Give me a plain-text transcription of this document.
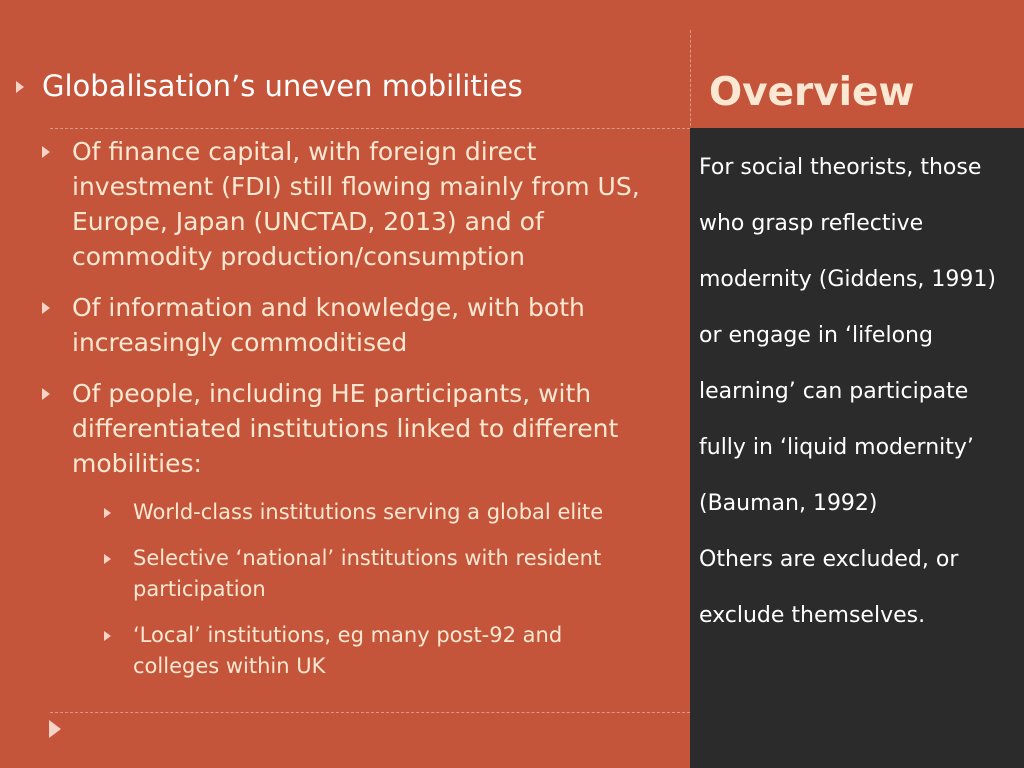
Globalisation’s uneven mobilities	Overview
Of finance capital, with foreign direct investment (FDI) still flowing mainly from US, Europe, Japan (UNCTAD, 2013) and of commodity production/consumption
Of information and knowledge, with both increasingly commoditised
Of people, including HE participants, with differentiated institutions linked to different mobilities:
World-class institutions serving a global elite
Selective ‘national’ institutions with resident participation
‘Local’ institutions, eg many post-92 and colleges within UK

For social theorists, those who grasp reflective modernity (Giddens, 1991) or engage in ‘lifelong learning’ can participate fully in ‘liquid modernity’ (Bauman, 1992)

Others are excluded, or exclude themselves.
